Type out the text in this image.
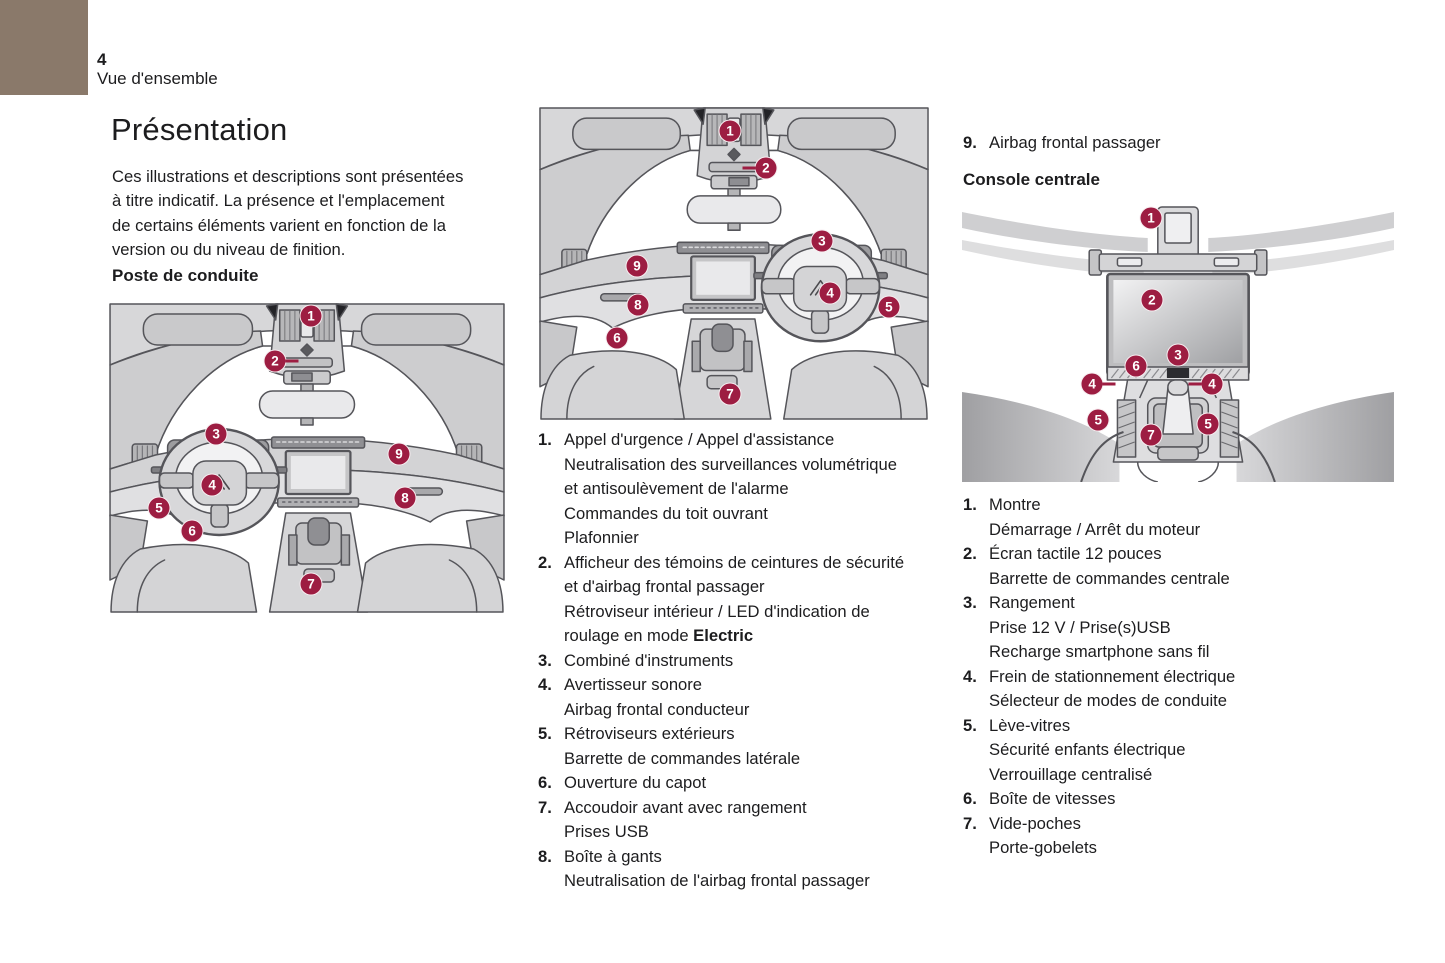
4
Vue d'ensemble
Présentation
Ces illustrations et descriptions sont présentées
à titre indicatif. La présence et l'emplacement
de certains éléments varient en fonction de la
version ou du niveau de finition.
Poste de conduite
1
2
3
4
5
6
7
8
9
1
2
3
4
5
6
7
8
9
1. Appel d'urgence / Appel d'assistance
Neutralisation des surveillances volumétrique
et antisoulèvement de l'alarme
Commandes du toit ouvrant
Plafonnier
2. Afficheur des témoins de ceintures de sécurité
et d'airbag frontal passager
Rétroviseur intérieur / LED d'indication de
roulage en mode Electric
3. Combiné d'instruments
4. Avertisseur sonore
Airbag frontal conducteur
5. Rétroviseurs extérieurs
Barrette de commandes latérale
6. Ouverture du capot
7. Accoudoir avant avec rangement
Prises USB
8. Boîte à gants
Neutralisation de l'airbag frontal passager
9. Airbag frontal passager
Console centrale
1
2
3
6
4	4
5	5
7
1. Montre
Démarrage / Arrêt du moteur
2. Écran tactile 12 pouces
Barrette de commandes centrale
3. Rangement
Prise 12 V / Prise(s)USB
Recharge smartphone sans fil
4. Frein de stationnement électrique
Sélecteur de modes de conduite
5. Lève-vitres
Sécurité enfants électrique
Verrouillage centralisé
6. Boîte de vitesses
7. Vide-poches
Porte-gobelets
